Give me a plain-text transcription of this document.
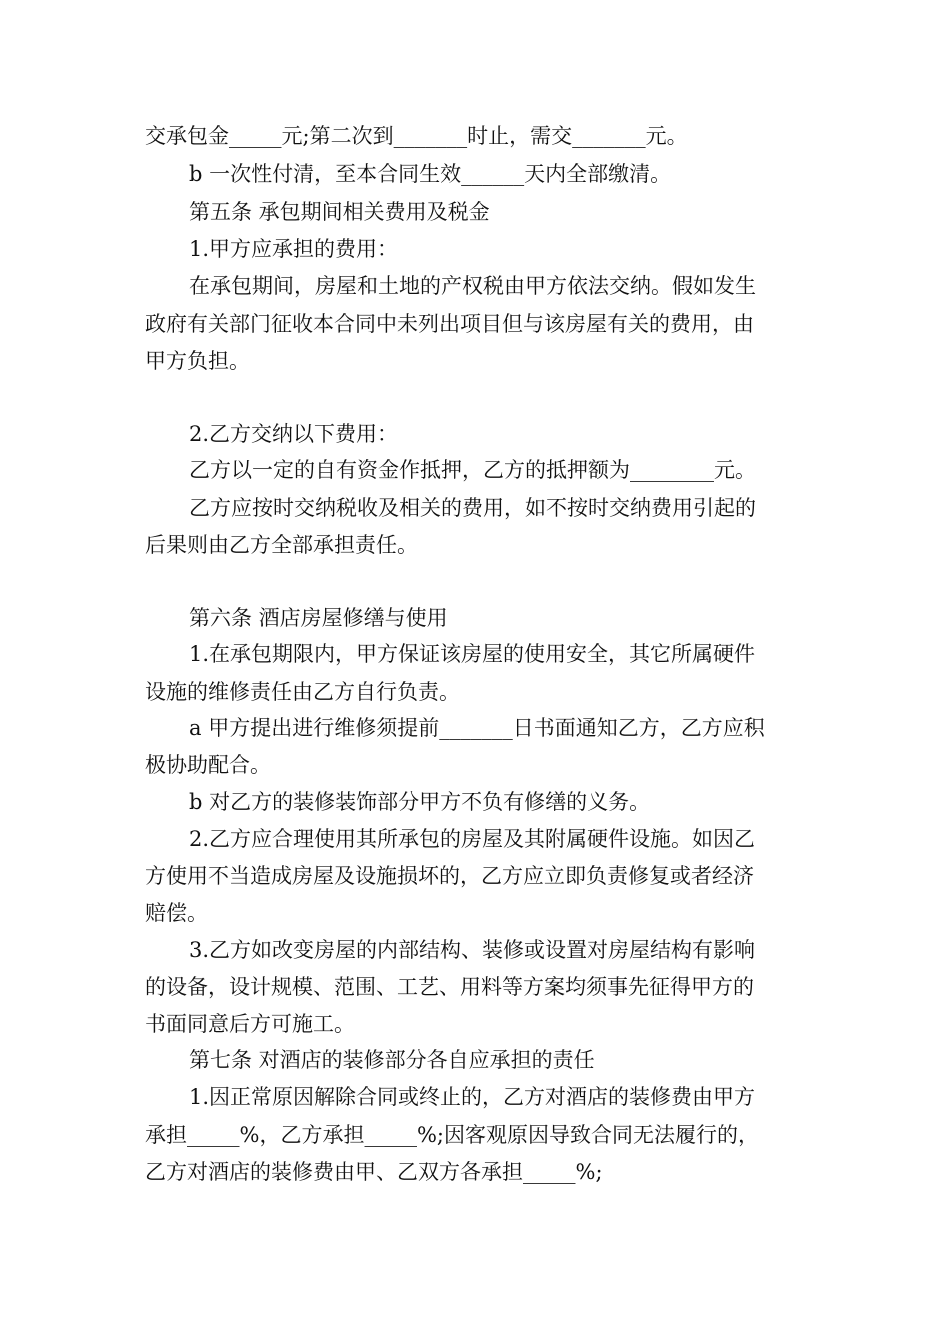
交承包金_____元;第二次到_______时止，需交_______元。
b 一次性付清，至本合同生效______天内全部缴清。
第五条 承包期间相关费用及税金
1.甲方应承担的费用：
在承包期间，房屋和土地的产权税由甲方依法交纳。假如发生
政府有关部门征收本合同中未列出项目但与该房屋有关的费用，由
甲方负担。
2.乙方交纳以下费用：
乙方以一定的自有资金作抵押，乙方的抵押额为________元。
乙方应按时交纳税收及相关的费用，如不按时交纳费用引起的
后果则由乙方全部承担责任。
第六条 酒店房屋修缮与使用
1.在承包期限内，甲方保证该房屋的使用安全，其它所属硬件
设施的维修责任由乙方自行负责。
a 甲方提出进行维修须提前_______日书面通知乙方，乙方应积
极协助配合。
b 对乙方的装修装饰部分甲方不负有修缮的义务。
2.乙方应合理使用其所承包的房屋及其附属硬件设施。如因乙
方使用不当造成房屋及设施损坏的，乙方应立即负责修复或者经济
赔偿。
3.乙方如改变房屋的内部结构、装修或设置对房屋结构有影响
的设备，设计规模、范围、工艺、用料等方案均须事先征得甲方的
书面同意后方可施工。
第七条 对酒店的装修部分各自应承担的责任
1.因正常原因解除合同或终止的，乙方对酒店的装修费由甲方
承担_____%，乙方承担_____%;因客观原因导致合同无法履行的，
乙方对酒店的装修费由甲、乙双方各承担_____%;
